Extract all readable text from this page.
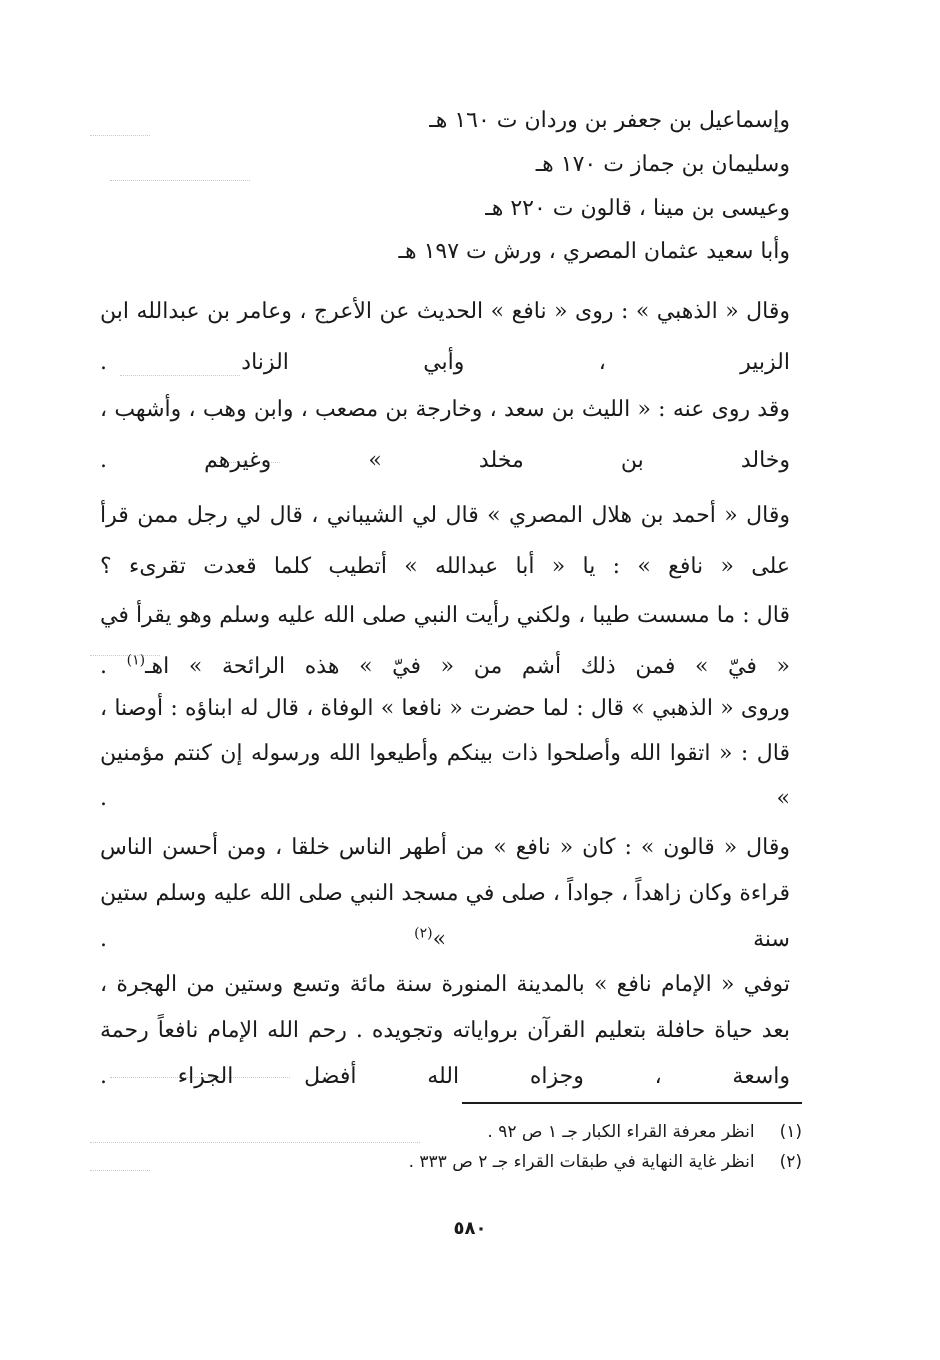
وإسماعيل بن جعفر بن وردان ت ١٦٠ هـ
وسليمان بن جماز ت ١٧٠ هـ
وعيسى بن مينا ، قالون ت ٢٢٠ هـ
وأبا سعيد عثمان المصري ، ورش ت ١٩٧ هـ
وقال « الذهبي » : روى « نافع » الحديث عن الأعرج ، وعامر بن عبدالله ابن الزبير ، وأبي الزناد .
وقد روى عنه : « الليث بن سعد ، وخارجة بن مصعب ، وابن وهب ، وأشهب ، وخالد بن مخلد » وغيرهم .
وقال « أحمد بن هلال المصري » قال لي الشيباني ، قال لي رجل ممن قرأ على « نافع » : يا « أبا عبدالله » أتطيب كلما قعدت تقرىء ؟
قال : ما مسست طيبا ، ولكني رأيت النبي صلى الله عليه وسلم وهو يقرأ في « فيّ » فمن ذلك أشم من « فيّ » هذه الرائحة » اهـ$^{(١)}$ .
وروى « الذهبي » قال : لما حضرت « نافعا » الوفاة ، قال له ابناؤه : أوصنا ، قال : « اتقوا الله وأصلحوا ذات بينكم وأطيعوا الله ورسوله إن كنتم مؤمنين » .
وقال « قالون » : كان « نافع » من أطهر الناس خلقا ، ومن أحسن الناس قراءة وكان زاهداً ، جواداً ، صلى في مسجد النبي صلى الله عليه وسلم ستين سنة »$^{(٢)}$ .
توفي « الإمام نافع » بالمدينة المنورة سنة مائة وتسع وستين من الهجرة ، بعد حياة حافلة بتعليم القرآن برواياته وتجويده . رحم الله الإمام نافعاً رحمة واسعة ، وجزاه الله أفضل الجزاء .
(١) انظر معرفة القراء الكبار جـ ١ ص ٩٢ .
(٢) انظر غاية النهاية في طبقات القراء جـ ٢ ص ٣٣٣ .
٥٨٠
